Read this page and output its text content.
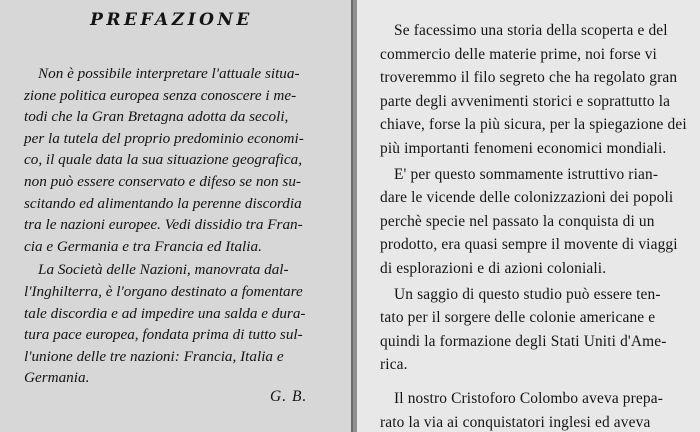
PREFAZIONE
Non è possibile interpretare l'attuale situa-
zione politica europea senza conoscere i me-
todi che la Gran Bretagna adotta da secoli,
per la tutela del proprio predominio economi-
co, il quale data la sua situazione geografica,
non può essere conservato e difeso se non su-
scitando ed alimentando la perenne discordia
tra le nazioni europee. Vedi dissidio tra Fran-
cia e Germania e tra Francia ed Italia.
La Società delle Nazioni, manovrata dal-
l'Inghilterra, è l'organo destinato a fomentare
tale discordia e ad impedire una salda e dura-
tura pace europea, fondata prima di tutto sul-
l'unione delle tre nazioni: Francia, Italia e
Germania.
G. B.
Se facessimo una storia della scoperta e del
commercio delle materie prime, noi forse vi
troveremmo il filo segreto che ha regolato gran
parte degli avvenimenti storici e soprattutto la
chiave, forse la più sicura, per la spiegazione dei
più importanti fenomeni economici mondiali.
E' per questo sommamente istruttivo rian-
dare le vicende delle colonizzazioni dei popoli
perchè specie nel passato la conquista di un
prodotto, era quasi sempre il movente di viaggi
di esplorazioni e di azioni coloniali.
Un saggio di questo studio può essere ten-
tato per il sorgere delle colonie americane e
quindi la formazione degli Stati Uniti d'Ame-
rica.
Il nostro Cristoforo Colombo aveva prepa-
rato la via ai conquistatori inglesi ed aveva
